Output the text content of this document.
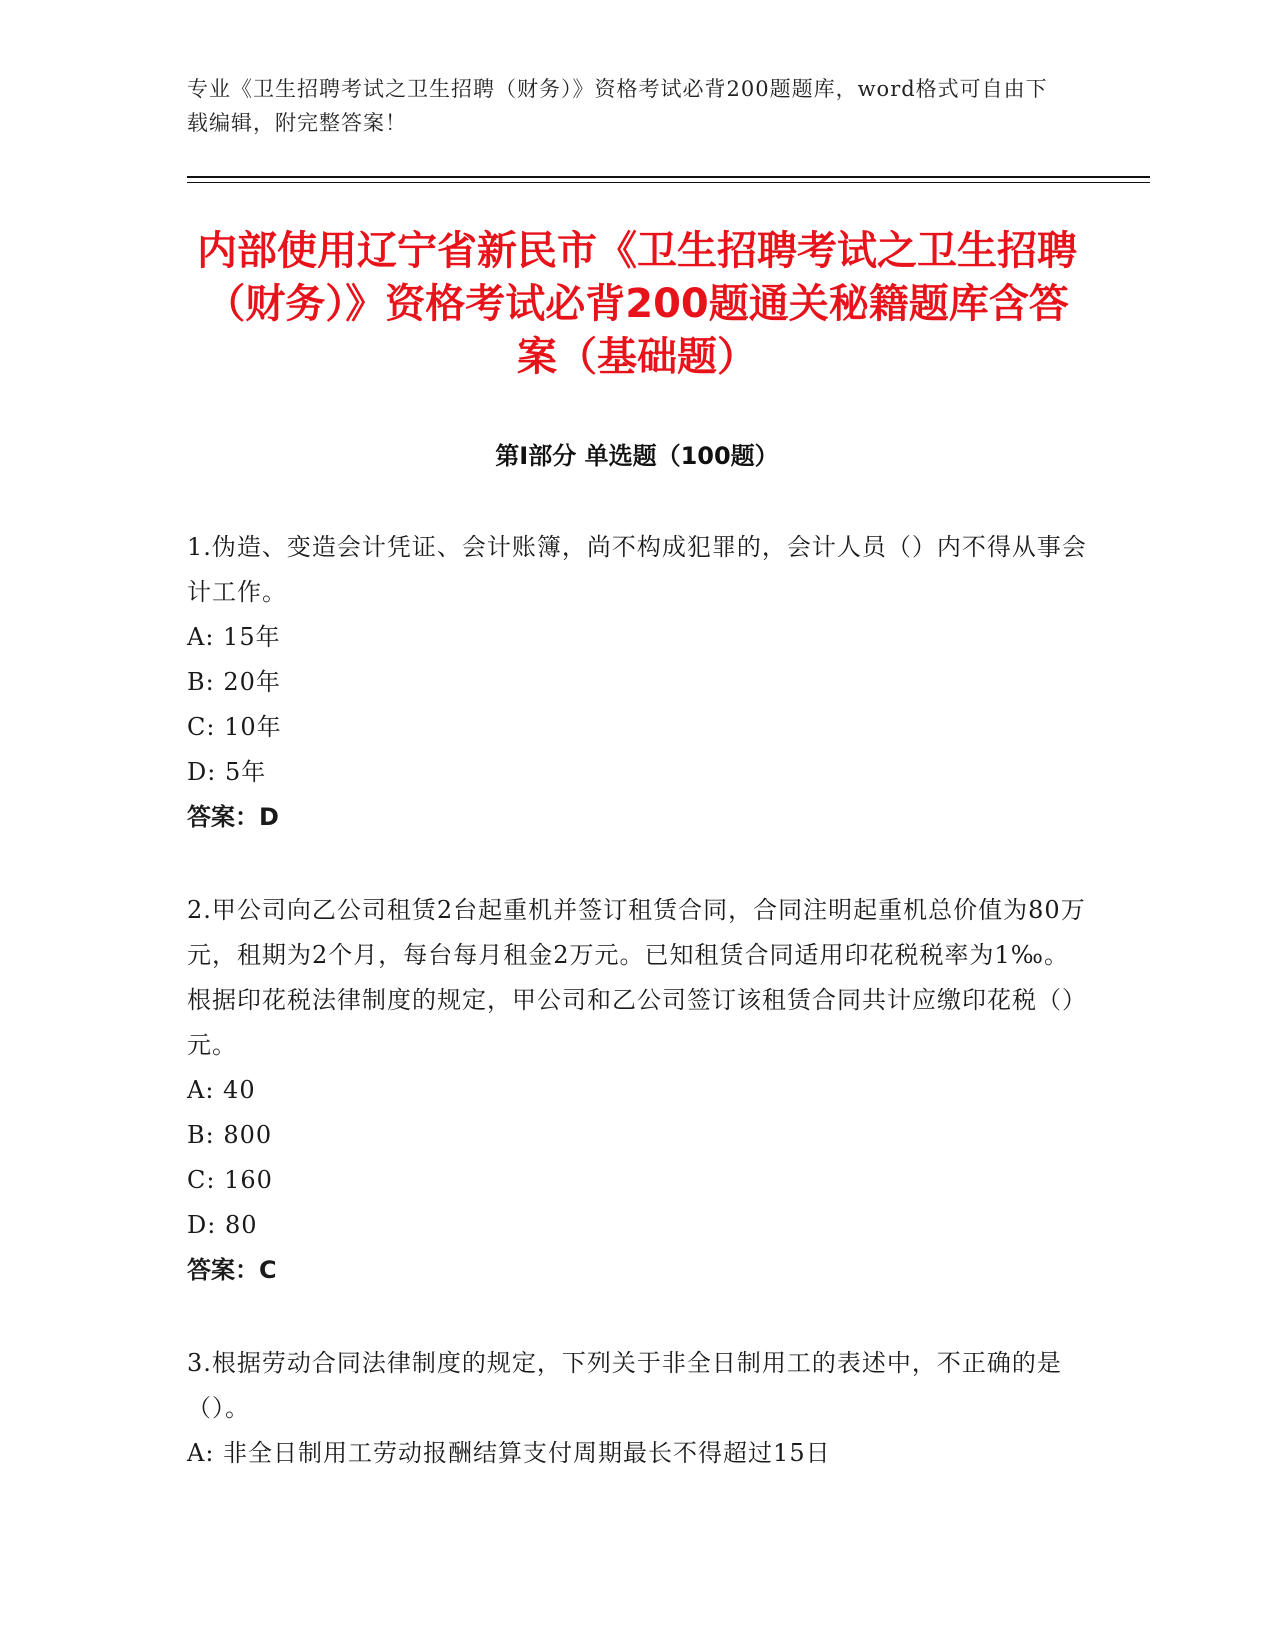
专业《卫生招聘考试之卫生招聘（财务）》资格考试必背200题题库，word格式可自由下载编辑，附完整答案！
内部使用辽宁省新民市《卫生招聘考试之卫生招聘（财务）》资格考试必背200题通关秘籍题库含答案（基础题）
第Ⅰ部分 单选题（100题）

1.伪造、变造会计凭证、会计账簿，尚不构成犯罪的，会计人员（）内不得从事会计工作。

A: 15年

B: 20年

C: 10年

D: 5年

答案：D

2.甲公司向乙公司租赁2台起重机并签订租赁合同，合同注明起重机总价值为80万元，租期为2个月，每台每月租金2万元。已知租赁合同适用印花税税率为1‰。根据印花税法律制度的规定，甲公司和乙公司签订该租赁合同共计应缴印花税（）元。

A: 40

B: 800

C: 160

D: 80

答案：C

3.根据劳动合同法律制度的规定，下列关于非全日制用工的表述中，不正确的是（）。

A: 非全日制用工劳动报酬结算支付周期最长不得超过15日
